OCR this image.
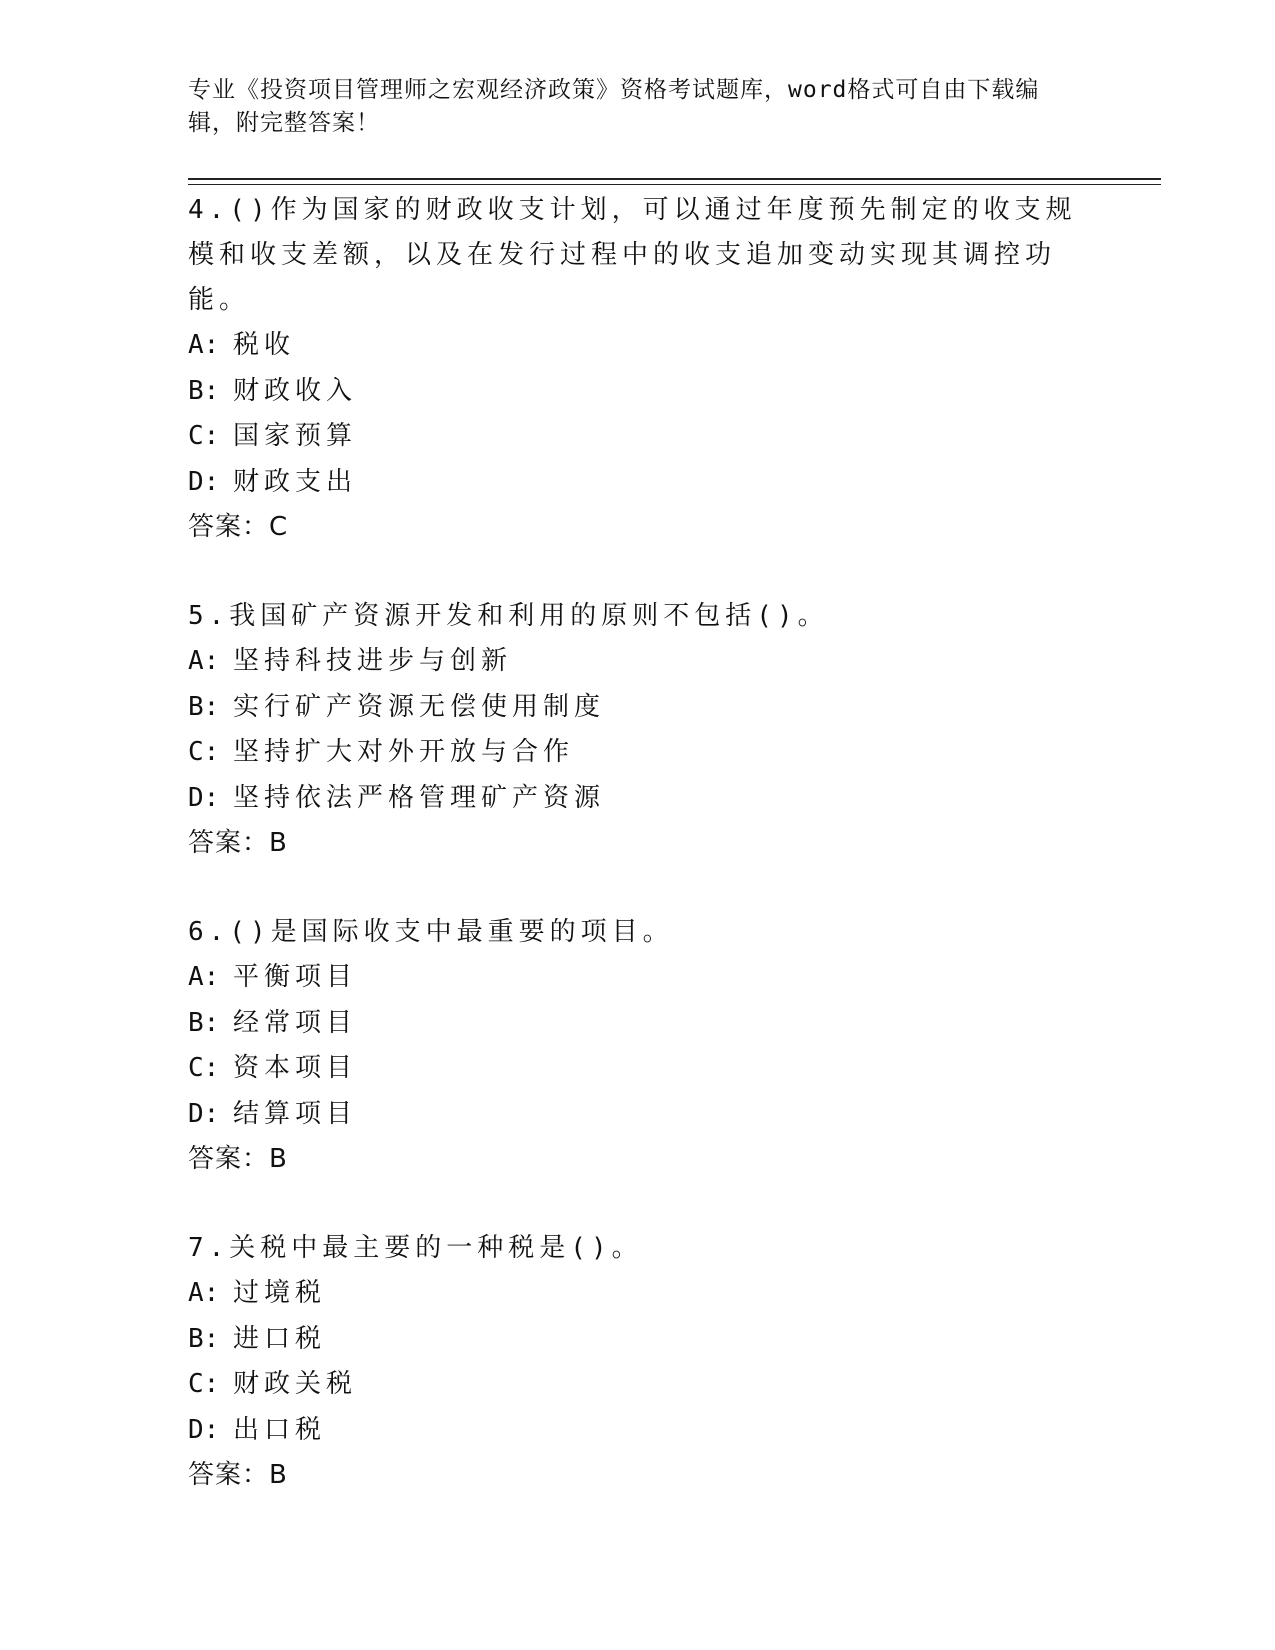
专业《投资项目管理师之宏观经济政策》资格考试题库，word格式可自由下载编辑，附完整答案！
4.()作为国家的财政收支计划，可以通过年度预先制定的收支规模和收支差额，以及在发行过程中的收支追加变动实现其调控功能。
A: 税收
B: 财政收入
C: 国家预算
D: 财政支出
答案：C
5.我国矿产资源开发和利用的原则不包括()。
A: 坚持科技进步与创新
B: 实行矿产资源无偿使用制度
C: 坚持扩大对外开放与合作
D: 坚持依法严格管理矿产资源
答案：B
6.()是国际收支中最重要的项目。
A: 平衡项目
B: 经常项目
C: 资本项目
D: 结算项目
答案：B
7.关税中最主要的一种税是()。
A: 过境税
B: 进口税
C: 财政关税
D: 出口税
答案：B
